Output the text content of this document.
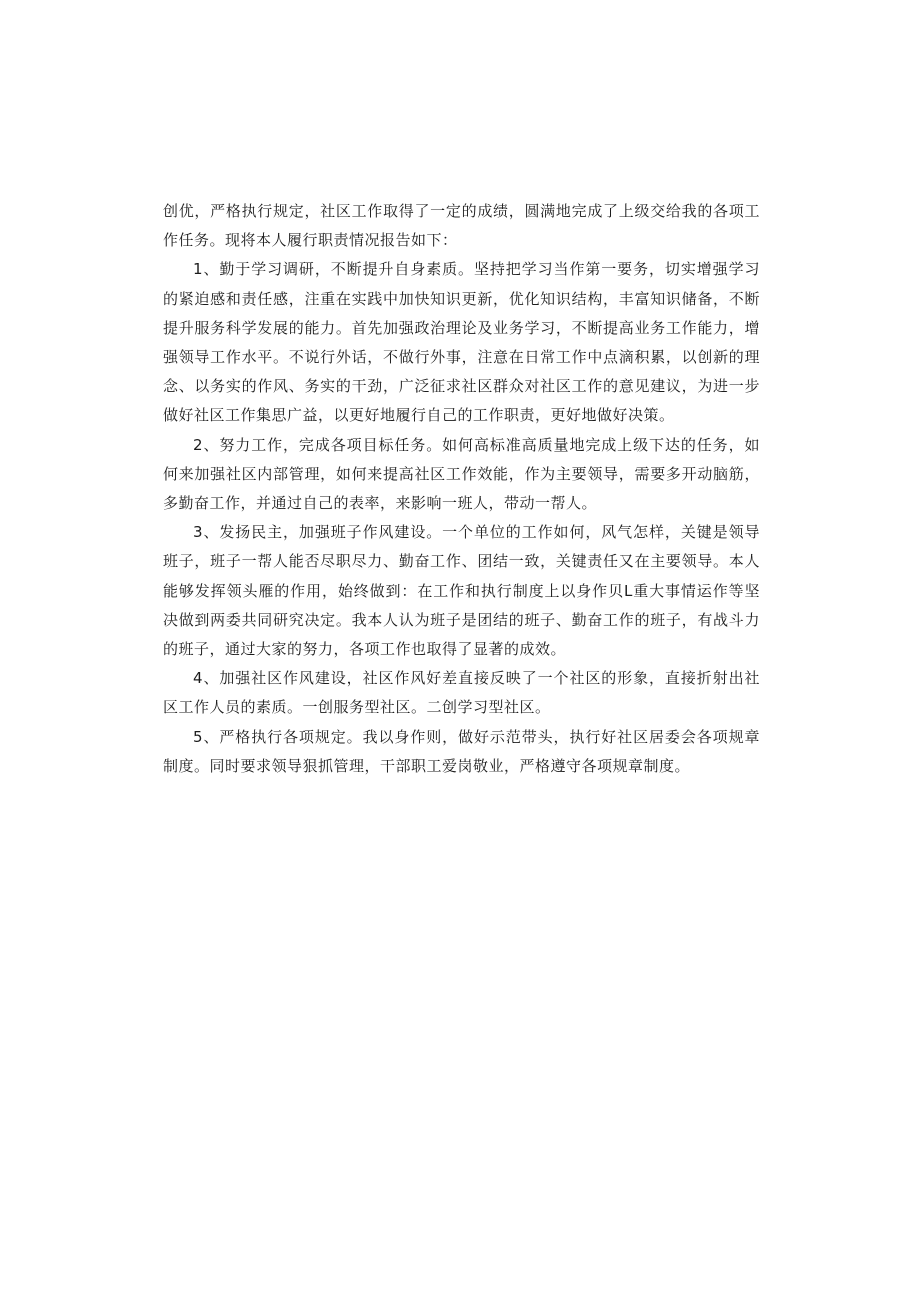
创优，严格执行规定，社区工作取得了一定的成绩，圆满地完成了上级交给我的各项工作任务。现将本人履行职责情况报告如下：

1、勤于学习调研，不断提升自身素质。坚持把学习当作第一要务，切实增强学习的紧迫感和责任感，注重在实践中加快知识更新，优化知识结构，丰富知识储备，不断提升服务科学发展的能力。首先加强政治理论及业务学习，不断提高业务工作能力，增强领导工作水平。不说行外话，不做行外事，注意在日常工作中点滴积累，以创新的理念、以务实的作风、务实的干劲，广泛征求社区群众对社区工作的意见建议，为进一步做好社区工作集思广益，以更好地履行自己的工作职责，更好地做好决策。

2、努力工作，完成各项目标任务。如何高标准高质量地完成上级下达的任务，如何来加强社区内部管理，如何来提高社区工作效能，作为主要领导，需要多开动脑筋，多勤奋工作，并通过自己的表率，来影响一班人，带动一帮人。

3、发扬民主，加强班子作风建设。一个单位的工作如何，风气怎样，关键是领导班子，班子一帮人能否尽职尽力、勤奋工作、团结一致，关键责任又在主要领导。本人能够发挥领头雁的作用，始终做到：在工作和执行制度上以身作贝L重大事情运作等坚决做到两委共同研究决定。我本人认为班子是团结的班子、勤奋工作的班子，有战斗力的班子，通过大家的努力，各项工作也取得了显著的成效。

4、加强社区作风建设，社区作风好差直接反映了一个社区的形象，直接折射出社区工作人员的素质。一创服务型社区。二创学习型社区。

5、严格执行各项规定。我以身作则，做好示范带头，执行好社区居委会各项规章制度。同时要求领导狠抓管理，干部职工爱岗敬业，严格遵守各项规章制度。
